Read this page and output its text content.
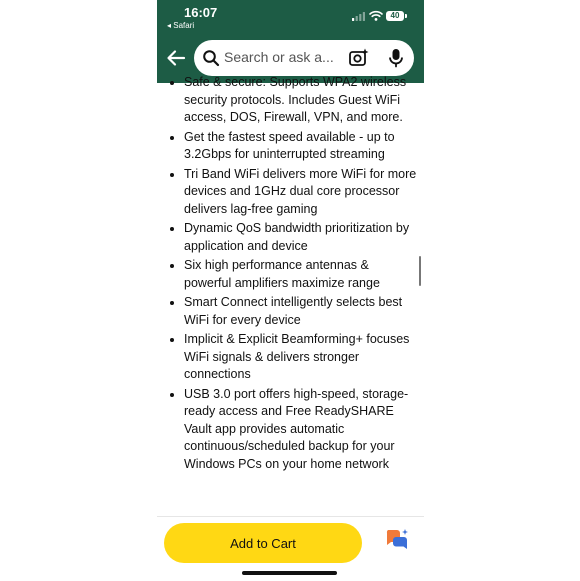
16:07
◂ Safari
40
Search or ask a...
Safe & secure: Supports WPA2 wireless security protocols. Includes Guest WiFi access, DOS, Firewall, VPN, and more.
Get the fastest speed available - up to 3.2Gbps for uninterrupted streaming
Tri Band WiFi delivers more WiFi for more devices and 1GHz dual core processor delivers lag-free gaming
Dynamic QoS bandwidth prioritization by application and device
Six high performance antennas & powerful amplifiers maximize range
Smart Connect intelligently selects best WiFi for every device
Implicit & Explicit Beamforming+ focuses WiFi signals & delivers stronger connections
USB 3.0 port offers high-speed, storage-ready access and Free ReadySHARE Vault app provides automatic continuous/scheduled backup for your Windows PCs on your home network
Add to Cart
